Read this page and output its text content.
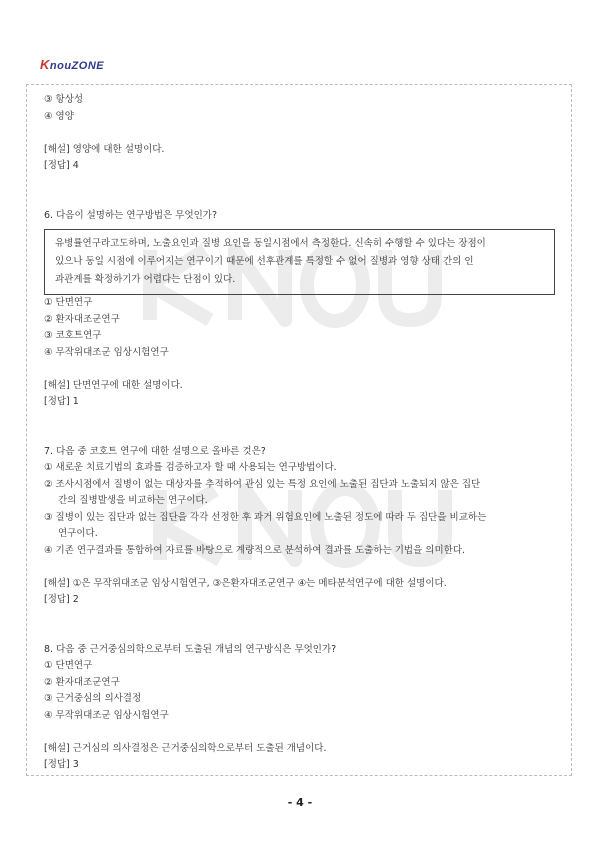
KnouZONE
③ 항상성
④ 영양
[해설] 영양에 대한 설명이다.
[정답] 4
6. 다음이 설명하는 연구방법은 무엇인가?
유병률연구라고도하며, 노출요인과 질병 요인을 동일시점에서 측정한다. 신속히 수행할 수 있다는 장점이
있으나 동일 시점에 이루어지는 연구이기 때문에 선후관계를 특정할 수 없어 질병과 영향 상태 간의 인
과관계를 확정하기가 어렵다는 단점이 있다.
① 단면연구
② 환자대조군연구
③ 코호트연구
④ 무작위대조군 임상시험연구
[해설] 단면연구에 대한 설명이다.
[정답] 1
7. 다음 중 코호트 연구에 대한 설명으로 올바른 것은?
① 새로운 치료기법의 효과를 검증하고자 할 때 사용되는 연구방법이다.
② 조사시점에서 질병이 없는 대상자를 추적하여 관심 있는 특정 요인에 노출된 집단과 노출되지 않은 집단
간의 질병발생을 비교하는 연구이다.
③ 질병이 있는 집단과 없는 집단을 각각 선정한 후 과거 위험요인에 노출된 정도에 따라 두 집단을 비교하는
연구이다.
④ 기존 연구결과를 통합하여 자료를 바탕으로 계량적으로 분석하여 결과를 도출하는 기법을 의미한다.
[해설] ①은 무작위대조군 임상시험연구, ③은환자대조군연구 ④는 메타분석연구에 대한 설명이다.
[정답] 2
8. 다음 중 근거중심의학으로부터 도출된 개념의 연구방식은 무엇인가?
① 단면연구
② 환자대조군연구
③ 근거중심의 의사결정
④ 무작위대조군 임상시험연구
[해설] 근거심의 의사결정은 근거중심의학으로부터 도출된 개념이다.
[정답] 3
- 4 -
